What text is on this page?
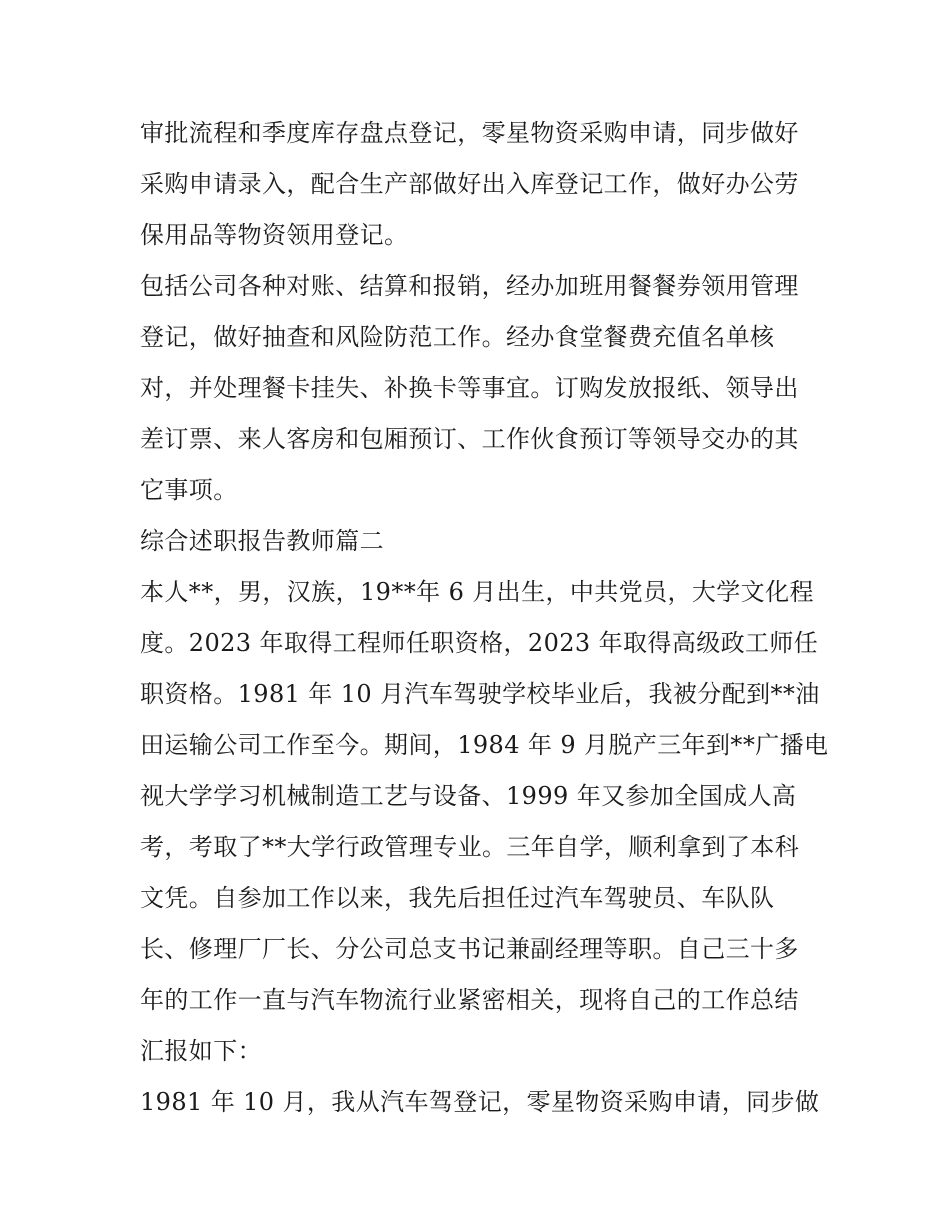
审批流程和季度库存盘点登记，零星物资采购申请，同步做好
采购申请录入，配合生产部做好出入库登记工作，做好办公劳
保用品等物资领用登记。
包括公司各种对账、结算和报销，经办加班用餐餐券领用管理
登记，做好抽查和风险防范工作。经办食堂餐费充值名单核
对，并处理餐卡挂失、补换卡等事宜。订购发放报纸、领导出
差订票、来人客房和包厢预订、工作伙食预订等领导交办的其
它事项。
综合述职报告教师篇二
本人**，男，汉族，19**年 6 月出生，中共党员，大学文化程
度。2023 年取得工程师任职资格，2023 年取得高级政工师任
职资格。1981 年 10 月汽车驾驶学校毕业后，我被分配到**油
田运输公司工作至今。期间，1984 年 9 月脱产三年到**广播电
视大学学习机械制造工艺与设备、1999 年又参加全国成人高
考，考取了**大学行政管理专业。三年自学，顺利拿到了本科
文凭。自参加工作以来，我先后担任过汽车驾驶员、车队队
长、修理厂厂长、分公司总支书记兼副经理等职。自己三十多
年的工作一直与汽车物流行业紧密相关，现将自己的工作总结
汇报如下：
1981 年 10 月，我从汽车驾登记，零星物资采购申请，同步做
